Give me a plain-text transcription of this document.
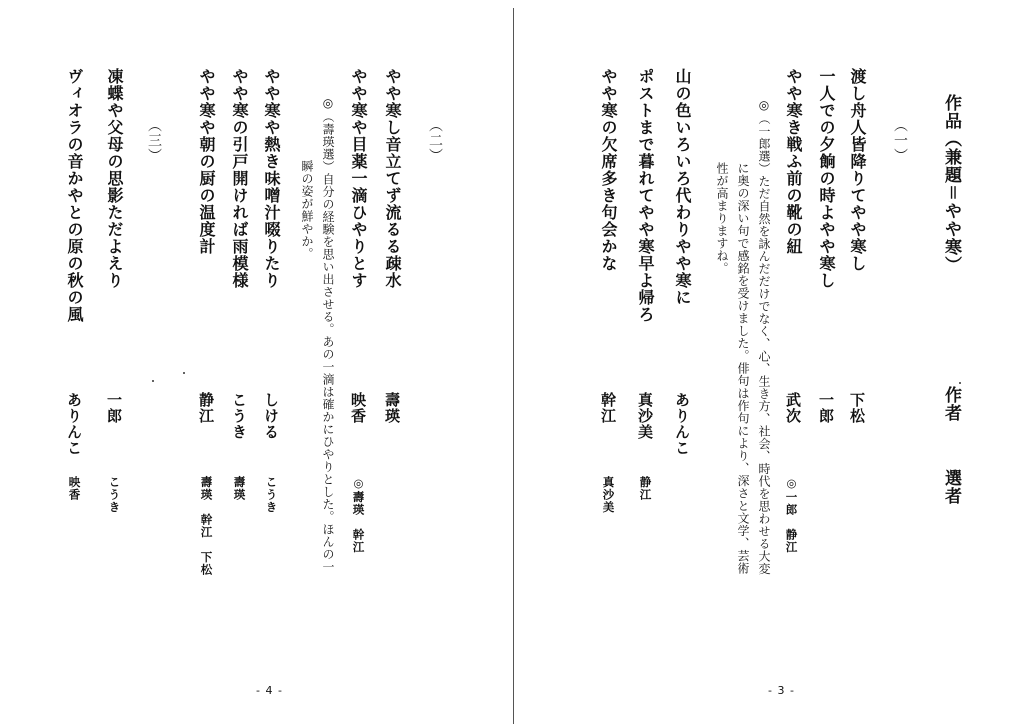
作品（兼題＝やや寒）
作者
選者
（一）
渡し舟人皆降りてやや寒し
下松
一人での夕餉の時よやや寒し
一郎
やや寒き戦ふ前の靴の紐
武次
◎一郎　静江
◎（一郎選）ただ自然を詠んだだけでなく、心、生き方、社会、時代を思わせる大変
に奥の深い句で感銘を受けました。俳句は作句により、深さと文学、芸術
性が高まりますね。
山の色いろいろ代わりやや寒に
ありんこ
ポストまで暮れてやや寒早よ帰ろ
真沙美
静江
やや寒の欠席多き句会かな
幹江
真沙美
- 3 -
（二）
やや寒し音立てず流るる疎水
壽瑛
やや寒や目薬一滴ひやりとす
映香
◎壽瑛　幹江
◎（壽瑛選）自分の経験を思い出させる。あの一滴は確かにひやりとした。ほんの一
瞬の姿が鮮やか。
やや寒や熱き味噌汁啜りたり
しける
こうき
やや寒の引戸開ければ雨模様
こうき
壽瑛
やや寒や朝の厨の温度計
静江
壽瑛　幹江　下松
（三）
凍蝶や父母の思影ただよえり
一郎
こうき
ヴィオラの音かやとの原の秋の風
ありんこ
映香
- 4 -
